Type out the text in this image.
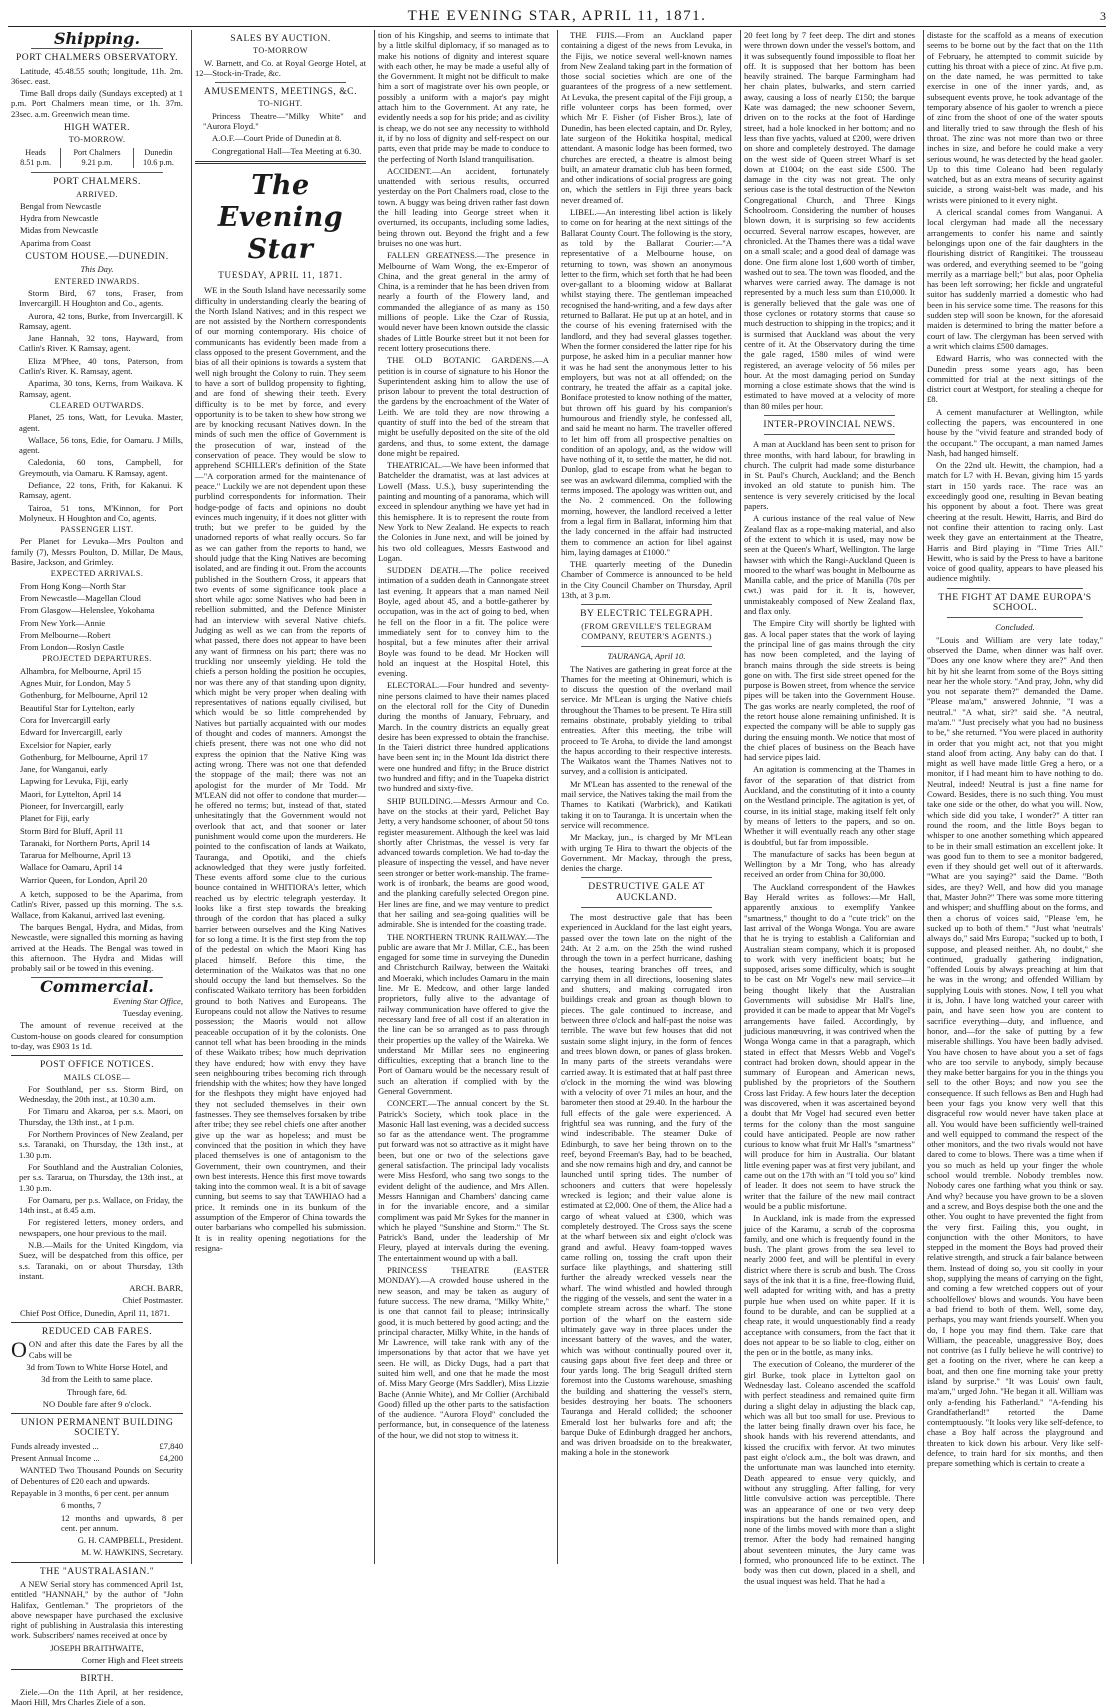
THE EVENING STAR, APRIL 11, 1871.	3
Shipping.
PORT CHALMERS OBSERVATORY.

Latitude, 45.48.55 south; longitude, 11h. 2m. 36sec. east.

Time Ball drops daily (Sundays excepted) at 1 p.m. Port Chalmers mean time, or 1h. 37m. 23sec. a.m. Greenwich mean time.

HIGH WATER.
TO-MORROW.
Heads	Port Chalmers	Dunedin
8.51 p.m.	9.21 p.m.	10.6 p.m.
PORT CHALMERS.
ARRIVED.

Bengal from Newcastle

Hydra from Newcastle

Midas from Newcastle

Aparima from Coast

CUSTOM HOUSE.—DUNEDIN.
This Day.
ENTERED INWARDS.

Storm Bird, 67 tons, Fraser, from Invercargill. H Houghton and Co., agents.

Aurora, 42 tons, Burke, from Invercargill. K Ramsay, agent.

Jane Hannah, 32 tons, Hayward, from Catlin's River. K Ramsay, agent.

Eliza M'Phee, 40 tons, Paterson, from Catlin's River. K. Ramsay, agent.

Aparima, 30 tons, Kerns, from Waikava. K Ramsay, agent.

CLEARED OUTWARDS.

Planet, 25 tons, Watt, for Levuka. Master, agent.

Wallace, 56 tons, Edie, for Oamaru. J Mills, agent.

Caledonia, 60 tons, Campbell, for Greymouth, via Oamaru. K Ramsay, agent.

Defiance, 22 tons, Frith, for Kakanui. K Ramsay, agent.

Tairoa, 51 tons, M'Kinnon, for Port Molyneux. H Houghton and Co, agents.

PASSENGER LIST.

Per Planet for Levuka—Mrs Poulton and family (7), Messrs Poulton, D. Millar, De Maus, Basire, Jackson, and Grimley.

EXPECTED ARRIVALS.

From Hong Kong—North Star

From Newcastle—Magellan Cloud

From Glasgow—Helenslee, Yokohama

From New York—Annie

From Melbourne—Robert

From London—Roslyn Castle

PROJECTED DEPARTURES.

Alhambra, for Melbourne, April 15

Agnes Muir, for London, May 5

Gothenburg, for Melbourne, April 12

Beautiful Star for Lyttelton, early

Cora for Invercargill early

Edward for Invercargill, early

Excelsior for Napier, early

Gothenburg, for Melbourne, April 17

Jane, for Wanganui, early

Lapwing for Levuka, Fiji, early

Maori, for Lyttelton, April 14

Pioneer, for Invercargill, early

Planet for Fiji, early

Storm Bird for Bluff, April 11

Taranaki, for Northern Ports, April 14

Tararua for Melbourne, April 13

Wallace for Oamaru, April 14

Warrior Queen, for London, April 20

A ketch, supposed to be the Aparima, from Catlin's River, passed up this morning. The s.s. Wallace, from Kakanui, arrived last evening.

The barques Bengal, Hydra, and Midas, from Newcastle, were signalled this morning as having arrived at the Heads. The Bengal was towed in this afternoon. The Hydra and Midas will probably sail or be towed in this evening.

Commercial.

Evening Star Office,

Tuesday evening.

The amount of revenue received at the Custom-house on goods cleared for consumption to-day, was £903 1s 1d.

POST OFFICE NOTICES.
MAILS CLOSE—

For Southland, per s.s. Storm Bird, on Wednesday, the 20th inst., at 10.30 a.m.

For Timaru and Akaroa, per s.s. Maori, on Thursday, the 13th inst., at 1 p.m.

For Northern Provinces of New Zealand, per s.s. Taranaki, on Thursday, the 13th inst., at 1.30 p.m.

For Southland and the Australian Colonies, per s.s. Tararua, on Thursday, the 13th inst., at 1.30 p.m.

For Oamaru, per p.s. Wallace, on Friday, the 14th inst., at 8.45 a.m.

For registered letters, money orders, and newspapers, one hour previous to the mail.

N.B.—Mails for the United Kingdom, via Suez, will be despatched from this office, per s.s. Taranaki, on or about Thursday, 13th instant.

ARCH. BARR,

Chief Postmaster.

Chief Post Office, Dunedin, April 11, 1871.

REDUCED CAB FARES.

OON and after this date the Fares by all the Cabs will be

3d from Town to White Horse Hotel, and

3d from the Leith to same place.

Through fare, 6d.

NO Double fare after 9 o'clock.

UNION PERMANENT BUILDING SOCIETY.

Funds already invested ...	£7,840

Present Annual Income ...	£4,200

WANTED Two Thousand Pounds on Security of Debentures of £20 each and upwards.

Repayable in 3 months, 6 per cent. per annum

6 months, 7

12 months and upwards, 8 per cent. per annum.

G. H. CAMPBELL, President.

M. W. HAWKINS, Secretary.

THE "AUSTRALASIAN."

A NEW Serial story has commenced April 1st, entitled "HANNAH," by the author of "John Halifax, Gentleman." The proprietors of the above newspaper have purchased the exclusive right of publishing in Australasia this interesting work. Subscribers' names received at once by

JOSEPH BRAITHWAITE,

Corner High and Fleet streets

BIRTH.

Ziele.—On the 11th April, at her residence, Maori Hill, Mrs Charles Ziele of a son.

SALES BY AUCTION.
TO-MORROW

W. Barnett, and Co. at Royal George Hotel, at 12—Stock-in-Trade, &c.

AMUSEMENTS, MEETINGS, &C.
TO-NIGHT.

Princess Theatre—"Milky White" and "Aurora Floyd."

A.O.F.—Court Pride of Dunedin at 8.

Congregational Hall—Tea Meeting at 6.30.

The Evening Star
TUESDAY, APRIL 11, 1871.

WE in the South Island have necessarily some difficulty in understanding clearly the bearing of the North Island Natives; and in this respect we are not assisted by the Northern correspondents of our morning contemporary. His choice of communicants has evidently been made from a class opposed to the present Government, and the bias of all their opinions is towards a system that well nigh brought the Colony to ruin. They seem to have a sort of bulldog propensity to fighting, and are fond of shewing their teeth. Every difficulty is to be met by force, and every opportunity is to be taken to shew how strong we are by knocking recusant Natives down. In the minds of such men the office of Government is the prosecution of war, instead of the conservation of peace. They would be slow to apprehend SCHILLER's definition of the State—"A corporation armed for the maintenance of peace." Luckily we are not dependent upon these purblind correspondents for information. Their hodge-podge of facts and opinions no doubt evinces much ingenuity, if it does not glitter with truth; but we prefer to be guided by the unadorned reports of what really occurs. So far as we can gather from the reports to hand, we should judge that the King Natives are becoming isolated, and are finding it out. From the accounts published in the Southern Cross, it appears that two events of some significance took place a short while ago: some Natives who had been in rebellion submitted, and the Defence Minister had an interview with several Native chiefs. Judging as well as we can from the reports of what passed, there does not appear to have been any want of firmness on his part; there was no truckling nor unseemly yielding. He told the chiefs a person holding the position he occupies, nor was there any of that standing upon dignity, which might be very proper when dealing with representatives of nations equally civilised, but which would be so little comprehended by Natives but partially acquainted with our modes of thought and codes of manners. Amongst the chiefs present, there was not one who did not express the opinion that the Native King was acting wrong. There was not one that defended the stoppage of the mail; there was not an apologist for the murder of Mr Todd. Mr M'LEAN did not offer to condone that murder—he offered no terms; but, instead of that, stated unhesitatingly that the Government would not overlook that act, and that sooner or later punishment would come upon the murderers. He pointed to the confiscation of lands at Waikato, Tauranga, and Opotiki, and the chiefs acknowledged that they were justly forfeited. These events afford some clue to the curious bounce contained in WHITIORA's letter, which reached us by electric telegraph yesterday. It looks like a first step towards the breaking through of the cordon that has placed a sulky barrier between ourselves and the King Natives for so long a time. It is the first step from the top of the pedestal on which the Maori King has placed himself. Before this time, the determination of the Waikatos was that no one should occupy the land but themselves. So the confiscated Waikato territory has been forbidden ground to both Natives and Europeans. The Europeans could not allow the Natives to resume possession; the Maoris would not allow peaceable occupation of it by the colonists. One cannot tell what has been brooding in the minds of these Waikato tribes; how much deprivation they have endured; how with envy they have seen neighbouring tribes becoming rich through friendship with the whites; how they have longed for the fleshpots they might have enjoyed had they not secluded themselves in their own fastnesses. They see themselves forsaken by tribe after tribe; they see rebel chiefs one after another give up the war as hopeless; and must be convinced that the position in which they have placed themselves is one of antagonism to the Government, their own countrymen, and their own best interests. Hence this first move towards taking into the common weal. It is a bit of savage cunning, but seems to say that TAWHIAO had a price. It reminds one in its bunkum of the assumption of the Emperor of China towards the outer barbarians who compelled his submission. It is in reality opening negotiations for the resigna-

tion of his Kingship, and seems to intimate that by a little skilful diplomacy, if so managed as to make his notions of dignity and interest square with each other, he may be made a useful ally of the Government. It might not be difficult to make him a sort of magistrate over his own people, or possibly a uniform with a major's pay might attach him to the Government. At any rate, he evidently needs a sop for his pride; and as civility is cheap, we do not see any necessity to withhold it, if by no loss of dignity and self-respect on our parts, even that pride may be made to conduce to the perfecting of North Island tranquilisation.

ACCIDENT.—An accident, fortunately unattended with serious results, occurred yesterday on the Port Chalmers road, close to the town. A buggy was being driven rather fast down the hill leading into George street when it overturned, its occupants, including some ladies, being thrown out. Beyond the fright and a few bruises no one was hurt.

FALLEN GREATNESS.—The presence in Melbourne of Wam Wong, the ex-Emperor of China, and the great general in the army of China, is a reminder that he has been driven from nearly a fourth of the Flowery land, and commanded the allegiance of as many as 150 millions of people. Like the Czar of Russia, would never have been known outside the classic shades of Little Bourke street but it not been for recent lottery prosecutions there.

THE OLD BOTANIC GARDENS.—A petition is in course of signature to his Honor the Superintendent asking him to allow the use of prison labour to prevent the total destruction of the gardens by the encroachment of the Water of Leith. We are told they are now throwing a quantity of stuff into the bed of the stream that might be usefully deposited on the site of the old gardens, and thus, to some extent, the damage done might be repaired.

THEATRICAL.—We have been informed that Batchelder the dramatist, was at last advices at Lowell (Mass. U.S.), busy superintending the painting and mounting of a panorama, which will exceed in splendour anything we have yet had in this hemisphere. It is to represent the route from New York to New Zealand. He expects to reach the Colonies in June next, and will be joined by his two old colleagues, Messrs Eastwood and Logan.

SUDDEN DEATH.—The police received intimation of a sudden death in Cannongate street last evening. It appears that a man named Neil Boyle, aged about 45, and a bottle-gatherer by occupation, was in the act of going to bed, when he fell on the floor in a fit. The police were immediately sent for to convey him to the hospital, but a few minutes after their arrival Boyle was found to be dead. Mr Hocken will hold an inquest at the Hospital Hotel, this evening.

ELECTORAL.—Four hundred and seventy-nine persons claimed to have their names placed on the electoral roll for the City of Dunedin during the months of January, February, and March. In the country districts an equally great desire has been expressed to obtain the franchise. In the Taieri district three hundred applications have been sent in; in the Mount Ida district there were one hundred and fifty; in the Bruce district two hundred and fifty; and in the Tuapeka district two hundred and sixty-five.

SHIP BUILDING.—Messrs Armour and Co. have on the stocks at their yard, Pelichet Bay Jetty, a very handsome schooner, of about 50 tons register measurement. Although the keel was laid shortly after Christmas, the vessel is very far advanced towards completion. We had to-day the pleasure of inspecting the vessel, and have never seen stronger or better work-manship. The frame-work is of ironbark, the beams are good wood, and the planking carefully selected Oregon pine. Her lines are fine, and we may venture to predict that her sailing and sea-going qualities will be admirable. She is intended for the coasting trade.

THE NORTHERN TRUNK RAILWAY.—The public are aware that Mr J. Millar, C.E., has been engaged for some time in surveying the Dunedin and Christchurch Railway, between the Waitaki and Moeraki, which includes Oamaru in the main line. Mr E. Medcow, and other large landed proprietors, fully alive to the advantage of railway communication have offered to give the necessary land free of all cost if an alteration in the line can be so arranged as to pass through their properties up the valley of the Waireka. We understand Mr Millar sees no engineering difficulties, excepting that a branch line to the Port of Oamaru would be the necessary result of such an alteration if complied with by the General Government.

CONCERT.—The annual concert by the St. Patrick's Society, which took place in the Masonic Hall last evening, was a decided success so far as the attendance went. The programme put forward was not so attractive as it might have been, but one or two of the selections gave general satisfaction. The principal lady vocalists were Miss Hesford, who sang two songs to the evident delight of the audience, and Mrs Allen. Messrs Hannigan and Chambers' dancing came in for the invariable encore, and a similar compliment was paid Mr Sykes for the manner in which he played "Sunshine and Storm." The St. Patrick's Band, under the leadership of Mr Fleury, played at intervals during the evening. The entertainment wound up with a ball.

PRINCESS THEATRE (EASTER MONDAY).—A crowded house ushered in the new season, and may be taken as augury of future success. The new drama, "Milky White," is one that cannot fail to please; intrinsically good, it is much bettered by good acting; and the principal character, Milky White, in the hands of Mr Lawrence, will take rank with any of the impersonations by that actor that we have yet seen. He will, as Dicky Dugs, had a part that suited him well, and one that he made the most of. Miss Mary George (Mrs Saddler), Miss Lizzie Bache (Annie White), and Mr Collier (Archibald Good) filled up the other parts to the satisfaction of the audience. "Aurora Floyd" concluded the performance, but, in consequence of the lateness of the hour, we did not stop to witness it.

THE FIJIS.—From an Auckland paper containing a digest of the news from Levuka, in the Fijis, we notice several well-known names from New Zealand taking part in the formation of those social societies which are one of the guarantees of the progress of a new settlement. At Levuka, the present capital of the Fiji group, a rifle volunteer corps has been formed, over which Mr F. Fisher (of Fisher Bros.), late of Dunedin, has been elected captain, and Dr. Ryley, late surgeon of the Hokitika hospital, medical attendant. A masonic lodge has been formed, two churches are erected, a theatre is almost being built, an amateur dramatic club has been formed, and other indications of social progress are going on, which the settlers in Fiji three years back never dreamed of.

LIBEL.—An interesting libel action is likely to come on for hearing at the next sittings of the Ballarat County Court. The following is the story, as told by the Ballarat Courier:—"A representative of a Melbourne house, on returning to town, was shown an anonymous letter to the firm, which set forth that he had been over-gallant to a blooming widow at Ballarat whilst staying there. The gentleman impeached recognised the hand-writing, and a few days after returned to Ballarat. He put up at an hotel, and in the course of his evening fraternised with the landlord, and they had several glasses together. When the former considered the latter ripe for his purpose, he asked him in a peculiar manner how it was he had sent the anonymous letter to his employers, but was not at all offended; on the contrary, he treated the affair as a capital joke. Boniface protested to know nothing of the matter, but thrown off his guard by his companion's humourous and friendly style, he confessed all, and said he meant no harm. The traveller offered to let him off from all prospective penalties on condition of an apology, and, as the widow will have nothing of it, to settle the matter, he did not. Dunlop, glad to escape from what he began to see was an awkward dilemma, complied with the terms imposed. The apology was written out, and the No. 2 commenced. On the following morning, however, the landlord received a letter from a legal firm in Ballarat, informing him that the lady concerned in the affair had instructed them to commence an action for libel against him, laying damages at £1000."

THE quarterly meeting of the Dunedin Chamber of Commerce is announced to be held in the City Council Chamber on Thursday, April 13th, at 3 p.m.

BY ELECTRIC TELEGRAPH.
(FROM GREVILLE'S TELEGRAM COMPANY, REUTER'S AGENTS.)
TAURANGA, April 10.

The Natives are gathering in great force at the Thames for the meeting at Ohinemuri, which is to discuss the question of the overland mail service. Mr M'Lean is urging the Native chiefs throughout the Thames to be present. Te Hira still remains obstinate, probably yielding to tribal entreaties. After this meeting, the tribe will proceed to Te Aroha, to divide the land amongst the hapus according to their respective interests. The Waikatos want the Thames Natives not to survey, and a collision is anticipated.

Mr M'Lean has assented to the renewal of the mail service, the Natives taking the mail from the Thames to Katikati (Warbrick), and Katikati taking it on to Tauranga. It is uncertain when the service will recommence.

Mr Mackay, jun., is charged by Mr M'Lean with urging Te Hira to thwart the objects of the Government. Mr Mackay, through the press, denies the charge.

DESTRUCTIVE GALE AT AUCKLAND.

The most destructive gale that has been experienced in Auckland for the last eight years, passed over the town late on the night of the 24th. At 2 a.m. on the 25th the wind rushed through the town in a perfect hurricane, dashing the houses, tearing branches off trees, and carrying them in all directions, loosening slates and shutters, and making corrugated iron buildings creak and groan as though blown to pieces. The gale continued to increase, and between three o'clock and half-past the noise was terrible. The wave but few houses that did not sustain some slight injury, in the form of fences and trees blown down, or panes of glass broken. In many parts of the streets verandahs were carried away. It is estimated that at half past three o'clock in the morning the wind was blowing with a velocity of over 71 miles an hour, and the barometer then stood at 29.40. In the harbour the full effects of the gale were experienced. A frightful sea was running, and the fury of the wind indescribable. The steamer Duke of Edinburgh, to save her being thrown on to the reef, beyond Freeman's Bay, had to be beached, and she now remains high and dry, and cannot be launched until spring tides. The number of schooners and cutters that were hopelessly wrecked is legion; and their value alone is estimated at £2,000. One of them, the Alice had a cargo of wheat valued at £300, which was completely destroyed. The Cross says the scene at the wharf between six and eight o'clock was grand and awful. Heavy foam-topped waves came rolling on, tossing the craft upon their surface like playthings, and shattering still further the already wrecked vessels near the wharf. The wind whistled and howled through the rigging of the vessels, and sent the water in a complete stream across the wharf. The stone portion of the wharf on the eastern side ultimately gave way in three places under the incessant battery of the waves, and the water, which was without continually poured over it, causing gaps about five feet deep and three or four yards long. The brig Seagull drifted stern foremost into the Customs warehouse, smashing the building and shattering the vessel's stern, besides destroying her boats. The schooners Tauranga and Herald collided; the schooner Emerald lost her bulwarks fore and aft; the barque Duke of Edinburgh dragged her anchors, and was driven broadside on to the breakwater, making a hole in the stonework

20 feet long by 7 feet deep. The dirt and stones were thrown down under the vessel's bottom, and it was subsequently found impossible to float her off. It is supposed that her bottom has been heavily strained. The barque Farmingham had her chain plates, bulwarks, and stern carried away, causing a loss of nearly £150; the barque Kate was damaged; the new schooner Severn, driven on to the rocks at the foot of Hardinge street, had a hole knocked in her bottom; and no less than five yachts, valued at £200, were driven on shore and completely destroyed. The damage on the west side of Queen street Wharf is set down at £1004; on the east side £500. The damage in the city was not great. The only serious case is the total destruction of the Newton Congregational Church, and Three Kings Schoolroom. Considering the number of houses blown down, it is surprising so few accidents occurred. Several narrow escapes, however, are chronicled. At the Thames there was a tidal wave on a small scale; and a good deal of damage was done. One firm alone lost 1,600 worth of timber, washed out to sea. The town was flooded, and the wharves were carried away. The damage is not represented by a much less sum than £10,000. It is generally believed that the gale was one of those cyclones or rotatory storms that cause so much destruction to shipping in the tropics; and it is surmised that Auckland was about the very centre of it. At the Observatory during the time the gale raged, 1580 miles of wind were registered, an average velocity of 56 miles per hour. At the most damaging period on Sunday morning a close estimate shows that the wind is estimated to have moved at a velocity of more than 80 miles per hour.

INTER-PROVINCIAL NEWS.

A man at Auckland has been sent to prison for three months, with hard labour, for brawling in church. The culprit had made some disturbance in St. Paul's Church, Auckland; and the Bench invoked an old statute to punish him. The sentence is very severely criticised by the local papers.

A curious instance of the real value of New Zealand flax as a rope-making material, and also of the extent to which it is used, may now be seen at the Queen's Wharf, Wellington. The large hawser with which the Rangi-Auckland Queen is moored to the wharf was bought in Melbourne as Manilla cable, and the price of Manilla (70s per cwt.) was paid for it. It is, however, unmistakeably composed of New Zealand flax, and flax only.

The Empire City will shortly be lighted with gas. A local paper states that the work of laying the principal line of gas mains through the city has now been completed, and the laying of branch mains through the side streets is being gone on with. The first side street opened for the purpose is Bowen street, from whence the service pipes will be taken into the Government House. The gas works are nearly completed, the roof of the retort house alone remaining unfinished. It is expected the company will be able to supply gas during the ensuing month. We notice that most of the chief places of business on the Beach have had service pipes laid.

An agitation is commencing at the Thames in favor of the separation of that district from Auckland, and the constituting of it into a county on the Westland principle. The agitation is yet, of course, in its initial stage, making itself felt only by means of letters to the papers, and so on. Whether it will eventually reach any other stage is doubtful, but far from impossible.

The manufacture of sacks has been begun at Wellington by a Mr Tong, who has already received an order from China for 30,000.

The Auckland correspondent of the Hawkes Bay Herald writes as follows:—Mr Hall, apparently anxious to exemplify Yankee "smartness," thought to do a "cute trick" on the last arrival of the Wonga Wonga. You are aware that he is trying to establish a Californian and Australian steam company, which it is proposed to work with very inefficient boats; but he supposed, arises some difficulty, which is sought to be cast on Mr Vogel's new mail service—it being thought likely that the Australian Governments will subsidise Mr Hall's line, provided it can be made to appear that Mr Vogel's arrangements have failed. Accordingly, by judicious manœuvring, it was contrived when the Wonga Wonga came in that a paragraph, which stated in effect that Messrs Webb and Vogel's contract had broken down, should appear in the summary of European and American news, published by the proprietors of the Southern Cross last Friday. A few hours later the deception was discovered, when it was ascertained beyond a doubt that Mr Vogel had secured even better terms for the colony than the most sanguine could have anticipated. People are now rather curious to know what fruit Mr Hall's "smartness" will produce for him in Australia. Our blatant little evening paper was at first very jubilant, and came out on the 17th with an "I told you so" kind of leader. It does not seem to have struck the writer that the failure of the new mail contract would be a public misfortune.

In Auckland, ink is made from the expressed juice of the Karamu, a scrub of the coprosma family, and one which is frequently found in the bush. The plant grows from the sea level to nearly 2000 feet, and will be plentiful in every district where there is scrub and bush. The Cross says of the ink that it is a fine, free-flowing fluid, well adapted for writing with, and has a pretty purple hue when used on white paper. If it is found to be durable, and can be supplied at a cheap rate, it would unquestionably find a ready acceptance with consumers, from the fact that it does not appear to be so liable to clog, either on the pen or in the bottle, as many inks.

The execution of Coleano, the murderer of the girl Burke, took place in Lyttelton gaol on Wednesday last. Coleano ascended the scaffold with perfect steadiness and remained quite firm during a slight delay in adjusting the black cap, which was all but too small for use. Previous to the latter being finally drawn over his face, he shook hands with his reverend attendants, and kissed the crucifix with fervor. At two minutes past eight o'clock a.m., the bolt was drawn, and the unfortunate man was launched into eternity. Death appeared to ensue very quickly, and without any struggling. After falling, for very little convulsive action was perceptible. There was an appearance of one or two very deep inspirations but the hands remained open, and none of the limbs moved with more than a slight tremor. After the body had remained hanging about seventeen minutes, the Jury came was formed, who pronounced life to be extinct. The body was then cut down, placed in a shell, and the usual inquest was held. That he had a

distaste for the scaffold as a means of execution seems to be borne out by the fact that on the 11th of February, he attempted to commit suicide by cutting his throat with a piece of zinc. At five p.m. on the date named, he was permitted to take exercise in one of the inner yards, and, as subsequent events prove, he took advantage of the temporary absence of his gaoler to wrench a piece of zinc from the shoot of one of the water spouts and literally tried to saw through the flesh of his throat. The zinc was not more than two or three inches in size, and before he could make a very serious wound, he was detected by the head gaoler. Up to this time Coleano had been regularly watched, but as an extra means of security against suicide, a strong waist-belt was made, and his wrists were pinioned to it every night.

A clerical scandal comes from Wanganui. A local clergyman had made all the necessary arrangements to confer his name and saintly belongings upon one of the fair daughters in the flourishing district of Rangitikei. The trousseau was ordered, and everything seemed to be "going merrily as a marriage bell;" but alas, poor Ophelia has been left sorrowing; her fickle and ungrateful suitor has suddenly married a domestic who had been in his service some time. The reasons for this sudden step will soon be known, for the aforesaid maiden is determined to bring the matter before a court of law. The clergyman has been served with a writ which claims £500 damages.

Edward Harris, who was connected with the Dunedin press some years ago, has been committed for trial at the next sittings of the district court at Westport, for stealing a cheque for £8.

A cement manufacturer at Wellington, while collecting the papers, was encountered in one house by the "vivid feature and stranded body of the occupant." The occupant, a man named James Nash, had hanged himself.

On the 22nd ult. Hewitt, the champion, had a match for L7 with H. Bevan, giving him 15 yards start in 150 yards race. The race was an exceedingly good one, resulting in Bevan beating his opponent by about a foot. There was great cheering at the result. Hewitt, Harris, and Bird do not confine their attention to racing only. Last week they gave an entertainment at the Theatre, Harris and Bird playing in "Time Tries All." Hewitt, who is said by the Press to have a baritone voice of good quality, appears to have pleased his audience mightily.

THE FIGHT AT DAME EUROPA'S SCHOOL.
Concluded.

"Louis and William are very late today," observed the Dame, when dinner was half over. "Does any one know where they are?" And then hit by hit she learnt from some of the Boys sitting near her the whole story. "And pray, John, why did you not separate them?" demanded the Dame. "Please ma'am," answered Johnnie, "I was a neutral." "A what, sir?" said she. "A neutral, ma'am." "Just precisely what you had no business to be," she returned. "You were placed in authority in order that you might act, not that you might stand aloof from acting. Any baby can do that. I might as well have made little Greg a hero, or a monitor, if I had meant him to have nothing to do. Neutral, indeed! Neutral is just a fine name for Coward. Besides, there is no such thing. You must take one side or the other, do what you will. Now, which side did you take, I wonder?" A titter ran round the room, and the little Boys began to whisper to one another something which appeared to be in their small estimation an excellent joke. It was good fun to them to see a monitor badgered, even if they should get well out of it afterwards. "What are you saying?" said the Dame. "Both sides, are they? Well, and how did you manage that, Master John?" There was some more tittering and whisper; and shuffling about on the forms, and then a chorus of voices said, "Please 'em, he sucked up to both of them." "Just what 'neutrals' always do," said Mrs Europa; "sucked up to both, I suppose, and pleased neither. Ah, no doubt," she continued, gradually gathering indignation, "offended Louis by always preaching at him that he was in the wrong; and offended William by supplying Louis with stones. Now, I tell you what it is, John. I have long watched your career with pain, and have seen how you are content to sacrifice everything—duty, and influence, and honor, and—for the sake of putting by a few miserable shillings. You have been badly advised. You have chosen to have about you a set of fags who are too servile to anybody, simply because they make better bargains for you in the things you sell to the other Boys; and now you see the consequence. If such fellows as Ben and Hugh had been your fags you know very well that this disgraceful row would never have taken place at all. You would have been sufficiently well-trained and well equipped to command the respect of the other monitors, and the two rivals would not have dared to come to blows. There was a time when if you so much as held up your finger the whole school would tremble. Nobody trembles now. Nobody cares one farthing what you think or say. And why? because you have grown to be a sloven and a screw, and Boys despise both the one and the other. You ought to have prevented the fight from the very first. Failing this, you ought, in conjunction with the other Monitors, to have stepped in the moment the Boys had proved their relative strength, and struck a fair balance between them. Instead of doing so, you sit coolly in your shop, supplying the means of carrying on the fight, and coming a few wretched coppers out of your schoolfellows' blows and wounds. You have been a bad friend to both of them. Well, some day, perhaps, you may want friends yourself. When you do, I hope you may find them. Take care that William, the peaceable, unaggressive Boy, does not contrive (as I fully believe he will contrive) to get a footing on the river, where he can keep a boat, and then one fine morning take your pretty island by surprise." "It was Louis' own fault, ma'am," urged John. "He began it all. William was only a-fending his Fatherland." "A-fending his Grandfatherland!" retorted the Dame contemptuously. "It looks very like self-defence, to chase a Boy half across the playground and threaten to kick down his arbour. Very like self-defence, to train hard for six months, and then prepare something which is certain to create a
